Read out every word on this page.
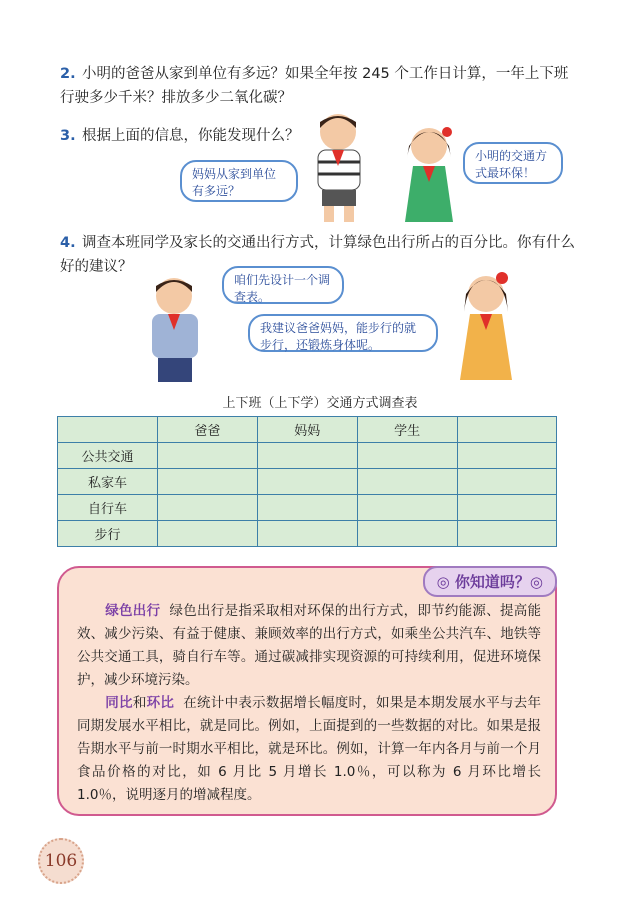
2. 小明的爸爸从家到单位有多远？如果全年按 245 个工作日计算，一年上下班行驶多少千米？排放多少二氧化碳？
3. 根据上面的信息，你能发现什么？
妈妈从家到单位有多远？
小明的交通方式最环保！
4. 调查本班同学及家长的交通出行方式，计算绿色出行所占的百分比。你有什么好的建议？
咱们先设计一个调查表。
我建议爸爸妈妈，能步行的就步行，还锻炼身体呢。
上下班（上下学）交通方式调查表
	爸爸	妈妈	学生	
公共交通				
私家车				
自行车				
步行				
◎ 你知道吗？◎
绿色出行 绿色出行是指采取相对环保的出行方式，即节约能源、提高能效、减少污染、有益于健康、兼顾效率的出行方式，如乘坐公共汽车、地铁等公共交通工具，骑自行车等。通过碳减排实现资源的可持续利用，促进环境保护，减少环境污染。
同比和环比 在统计中表示数据增长幅度时，如果是本期发展水平与去年同期发展水平相比，就是同比。例如，上面提到的一些数据的对比。如果是报告期水平与前一时期水平相比，就是环比。例如，计算一年内各月与前一个月食品价格的对比，如 6 月比 5 月增长 1.0％，可以称为 6 月环比增长 1.0％，说明逐月的增减程度。
106
